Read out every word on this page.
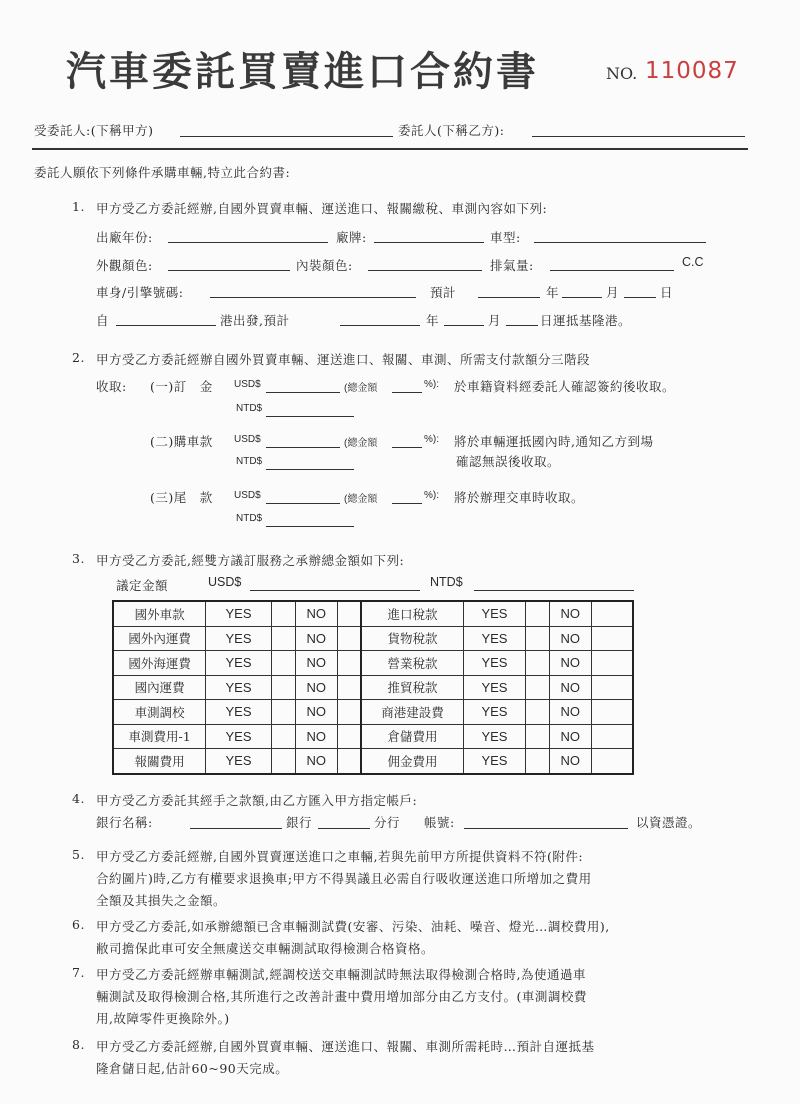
汽車委託買賣進口合約書	NO. 110087
受委託人:(下稱甲方)	委託人(下稱乙方):
委託人願依下列條件承購車輛,特立此合約書:
1. 甲方受乙方委託經辦,自國外買賣車輛、運送進口、報關繳稅、車測內容如下列:
出廠年份:	廠牌:	車型:
外觀顏色:	內裝顏色:	排氣量:	C.C
車身/引擎號碼:	預計	年	月	日
自	港出發,預計	年	月	日運抵基隆港。
2. 甲方受乙方委託經辦自國外買賣車輛、運送進口、報關、車測、所需支付款額分三階段
收取: (一)訂　金 USD$	(總金額	%): 於車籍資料經委託人確認簽約後收取。
NTD$
(二)購車款 USD$	(總金額	%): 將於車輛運抵國內時,通知乙方到場
確認無誤後收取。
NTD$
(三)尾　款 USD$	(總金額	%): 將於辦理交車時收取。
NTD$
3. 甲方受乙方委託,經雙方議訂服務之承辦總金額如下列:
議定金額	USD$	NTD$
國外車款	YES		NO		進口稅款	YES		NO	
國外內運費	YES		NO		貨物稅款	YES		NO	
國外海運費	YES		NO		營業稅款	YES		NO	
國內運費	YES		NO		推貿稅款	YES		NO	
車測調校	YES		NO		商港建設費	YES		NO	
車測費用-1	YES		NO		倉儲費用	YES		NO	
報關費用	YES		NO		佣金費用	YES		NO	
4. 甲方受乙方委託其經手之款額,由乙方匯入甲方指定帳戶:
銀行名稱:	銀行	分行 帳號:	以資憑證。
5. 甲方受乙方委託經辦,自國外買賣運送進口之車輛,若與先前甲方所提供資料不符(附件:
合約圖片)時,乙方有權要求退換車;甲方不得異議且必需自行吸收運送進口所增加之費用
全額及其損失之金額。
6. 甲方受乙方委託,如承辦總額已含車輛測試費(安審、污染、油耗、噪音、燈光…調校費用),
敝司擔保此車可安全無虞送交車輛測試取得檢測合格資格。
7. 甲方受乙方委託經辦車輛測試,經調校送交車輛測試時無法取得檢測合格時,為使通過車
輛測試及取得檢測合格,其所進行之改善計畫中費用增加部分由乙方支付。(車測調校費
用,故障零件更換除外。)
8. 甲方受乙方委託經辦,自國外買賣車輛、運送進口、報關、車測所需耗時…預計自運抵基
隆倉儲日起,估計60~90天完成。
